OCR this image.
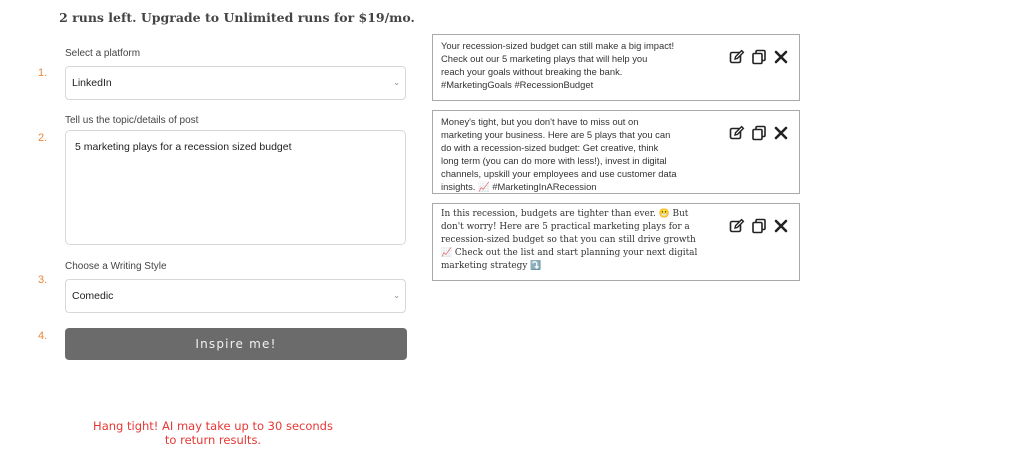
2 runs left. Upgrade to Unlimited runs for $19/mo.
1.
Select a platform
LinkedIn	⌄
2.
Tell us the topic/details of post
5 marketing plays for a recession sized budget
3.
Choose a Writing Style
Comedic	⌄
4.
Inspire me!
Hang tight! AI may take up to 30 seconds
to return results.
Your recession-sized budget can still make a big impact!
Check out our 5 marketing plays that will help you
reach your goals without breaking the bank.
#MarketingGoals #RecessionBudget
Money's tight, but you don't have to miss out on
marketing your business. Here are 5 plays that you can
do with a recession-sized budget: Get creative, think
long term (you can do more with less!), invest in digital
channels, upskill your employees and use customer data
insights. 📈 #MarketingInARecession
In this recession, budgets are tighter than ever. 😬 But
don't worry! Here are 5 practical marketing plays for a
recession-sized budget so that you can still drive growth
📈 Check out the list and start planning your next digital
marketing strategy ⤵️
